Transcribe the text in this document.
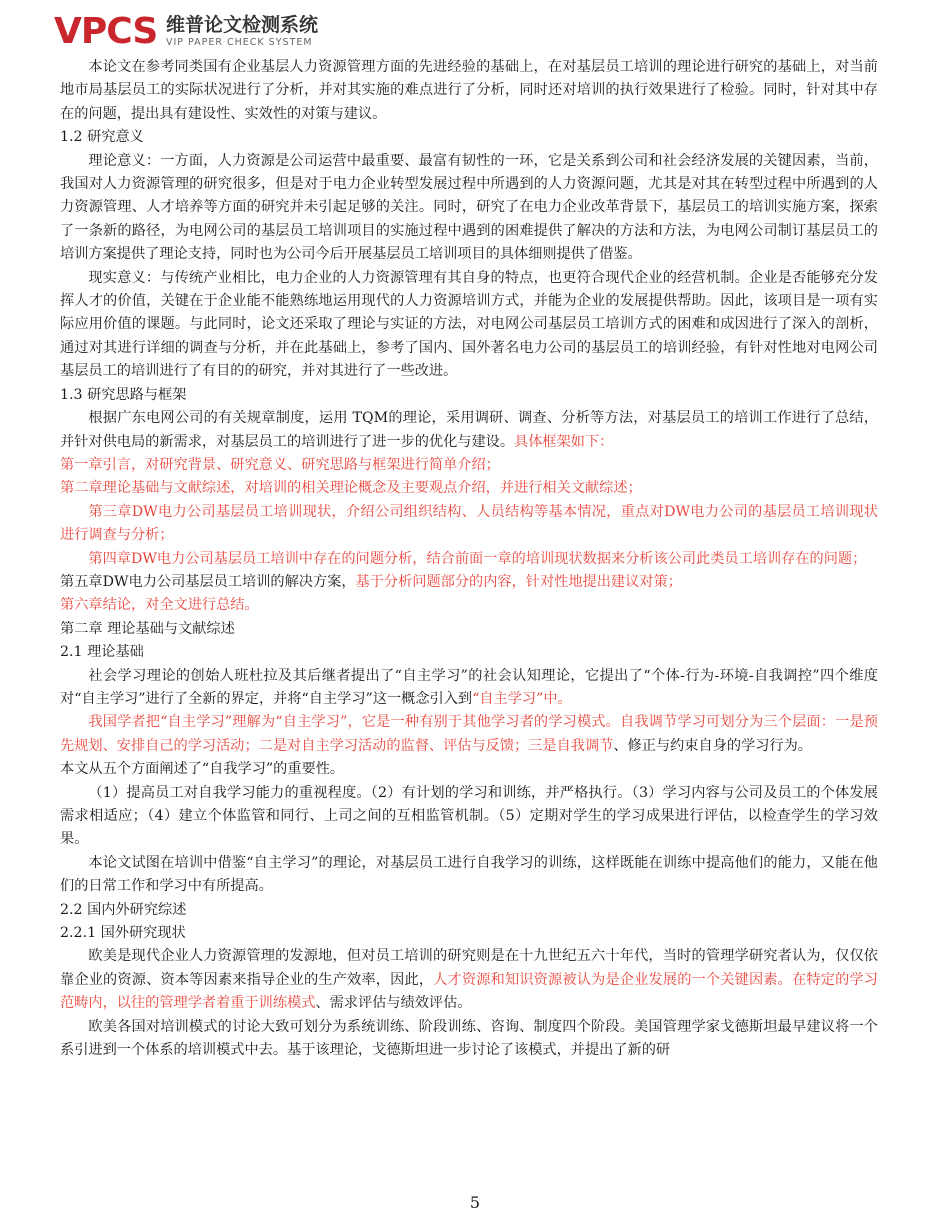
VPCS 维普论文检测系统
VIP PAPER CHECK SYSTEM

本论文在参考同类国有企业基层人力资源管理方面的先进经验的基础上，在对基层员工培训的理论进行研究的基础上，对当前地市局基层员工的实际状况进行了分析，并对其实施的难点进行了分析，同时还对培训的执行效果进行了检验。同时，针对其中存在的问题，提出具有建设性、实效性的对策与建议。

1.2 研究意义

理论意义：一方面，人力资源是公司运营中最重要、最富有韧性的一环，它是关系到公司和社会经济发展的关键因素，当前，我国对人力资源管理的研究很多，但是对于电力企业转型发展过程中所遇到的人力资源问题，尤其是对其在转型过程中所遇到的人力资源管理、人才培养等方面的研究并未引起足够的关注。同时，研究了在电力企业改革背景下，基层员工的培训实施方案，探索了一条新的路径，为电网公司的基层员工培训项目的实施过程中遇到的困难提供了解决的方法和方法，为电网公司制订基层员工的培训方案提供了理论支持，同时也为公司今后开展基层员工培训项目的具体细则提供了借鉴。

现实意义：与传统产业相比，电力企业的人力资源管理有其自身的特点，也更符合现代企业的经营机制。企业是否能够充分发挥人才的价值，关键在于企业能不能熟练地运用现代的人力资源培训方式，并能为企业的发展提供帮助。因此，该项目是一项有实际应用价值的课题。与此同时，论文还采取了理论与实证的方法，对电网公司基层员工培训方式的困难和成因进行了深入的剖析，通过对其进行详细的调查与分析，并在此基础上，参考了国内、国外著名电力公司的基层员工的培训经验，有针对性地对电网公司基层员工的培训进行了有目的的研究，并对其进行了一些改进。

1.3 研究思路与框架

根据广东电网公司的有关规章制度，运用 TQM的理论，采用调研、调查、分析等方法，对基层员工的培训工作进行了总结，并针对供电局的新需求，对基层员工的培训进行了进一步的优化与建设。具体框架如下：

第一章引言，对研究背景、研究意义、研究思路与框架进行简单介绍；

第二章理论基础与文献综述，对培训的相关理论概念及主要观点介绍，并进行相关文献综述；

第三章DW电力公司基层员工培训现状，介绍公司组织结构、人员结构等基本情况，重点对DW电力公司的基层员工培训现状进行调查与分析；

第四章DW电力公司基层员工培训中存在的问题分析，结合前面一章的培训现状数据来分析该公司此类员工培训存在的问题；

第五章DW电力公司基层员工培训的解决方案，基于分析问题部分的内容，针对性地提出建议对策；

第六章结论，对全文进行总结。

第二章 理论基础与文献综述

2.1 理论基础

社会学习理论的创始人班杜拉及其后继者提出了“自主学习”的社会认知理论，它提出了“个体-行为-环境-自我调控”四个维度对“自主学习”进行了全新的界定，并将“自主学习”这一概念引入到“自主学习”中。

我国学者把“自主学习”理解为“自主学习”，它是一种有别于其他学习者的学习模式。自我调节学习可划分为三个层面：一是预先规划、安排自己的学习活动；二是对自主学习活动的监督、评估与反馈；三是自我调节、修正与约束自身的学习行为。

本文从五个方面阐述了“自我学习”的重要性。

（1）提高员工对自我学习能力的重视程度。（2）有计划的学习和训练，并严格执行。（3）学习内容与公司及员工的个体发展需求相适应；（4）建立个体监管和同行、上司之间的互相监管机制。（5）定期对学生的学习成果进行评估，以检查学生的学习效果。

本论文试图在培训中借鉴“自主学习”的理论，对基层员工进行自我学习的训练，这样既能在训练中提高他们的能力，又能在他们的日常工作和学习中有所提高。

2.2 国内外研究综述

2.2.1 国外研究现状

欧美是现代企业人力资源管理的发源地，但对员工培训的研究则是在十九世纪五六十年代，当时的管理学研究者认为，仅仅依靠企业的资源、资本等因素来指导企业的生产效率，因此，人才资源和知识资源被认为是企业发展的一个关键因素。在特定的学习范畴内，以往的管理学者着重于训练模式、需求评估与绩效评估。

欧美各国对培训模式的讨论大致可划分为系统训练、阶段训练、咨询、制度四个阶段。美国管理学家戈德斯坦最早建议将一个系引进到一个体系的培训模式中去。基于该理论，戈德斯坦进一步讨论了该模式，并提出了新的研

5
